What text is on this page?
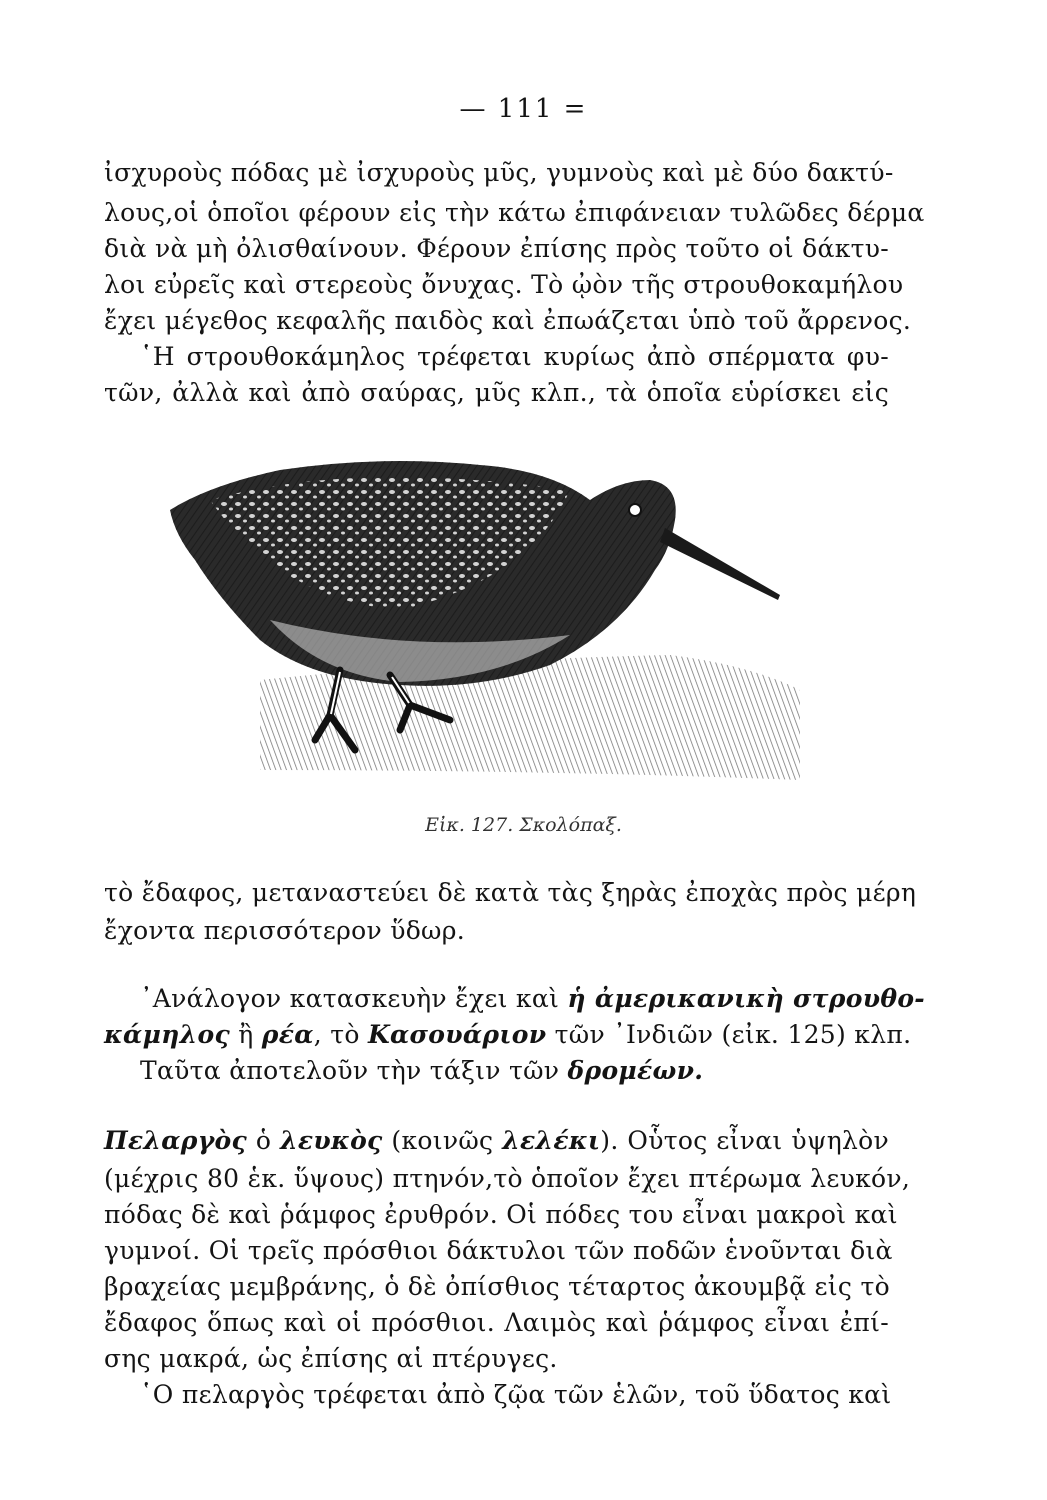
— 111 =
ἰσχυροὺς πόδας μὲ ἰσχυροὺς μῦς, γυμνοὺς καὶ μὲ δύο δακτύ-
λους,οἱ ὁποῖοι φέρουν εἰς τὴν κάτω ἐπιφάνειαν τυλῶδες δέρμα
διὰ νὰ μὴ ὀλισθαίνουν. Φέρουν ἐπίσης πρὸς τοῦτο οἱ δάκτυ-
λοι εὐρεῖς καὶ στερεοὺς ὄνυχας. Τὸ ᾠὸν τῆς στρουθοκαμήλου
ἔχει μέγεθος κεφαλῆς παιδὸς καὶ ἐπωάζεται ὑπὸ τοῦ ἄρρενος.
῾Η στρουθοκάμηλος τρέφεται κυρίως ἀπὸ σπέρματα φυ-
τῶν, ἀλλὰ καὶ ἀπὸ σαύρας, μῦς κλπ., τὰ ὁποῖα εὑρίσκει εἰς
Εἰκ. 127. Σκολόπαξ.
τὸ ἔδαφος, μεταναστεύει δὲ κατὰ τὰς ξηρὰς ἐποχὰς πρὸς μέρη
ἔχοντα περισσότερον ὕδωρ.
᾿Ανάλογον κατασκευὴν ἔχει καὶ ἡ ἀμερικανικὴ στρουθο-
κάμηλος ἢ ρέα, τὸ Κασουάριον τῶν ᾿Ινδιῶν (εἰκ. 125) κλπ.
Ταῦτα ἀποτελοῦν τὴν τάξιν τῶν δρομέων.
Πελαργὸς ὁ λευκὸς (κοινῶς λελέκι). Οὗτος εἶναι ὑψηλὸν
(μέχρις 80 ἑκ. ὕψους) πτηνόν,τὸ ὁποῖον ἔχει πτέρωμα λευκόν,
πόδας δὲ καὶ ῥάμφος ἐρυθρόν. Οἱ πόδες του εἶναι μακροὶ καὶ
γυμνοί. Οἱ τρεῖς πρόσθιοι δάκτυλοι τῶν ποδῶν ἑνοῦνται διὰ
βραχείας μεμβράνης, ὁ δὲ ὀπίσθιος τέταρτος ἀκουμβᾷ εἰς τὸ
ἔδαφος ὅπως καὶ οἱ πρόσθιοι. Λαιμὸς καὶ ῥάμφος εἶναι ἐπί-
σης μακρά, ὡς ἐπίσης αἱ πτέρυγες.
῾Ο πελαργὸς τρέφεται ἀπὸ ζῷα τῶν ἑλῶν, τοῦ ὕδατος καὶ
